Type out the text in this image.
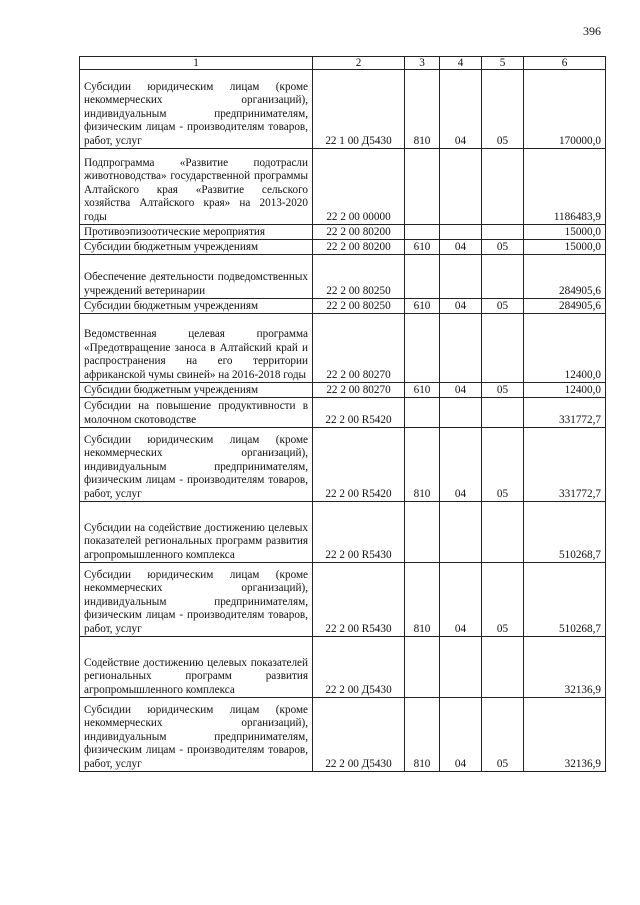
396
1	2	3	4	5	6
Субсидии юридическим лицам (кроме некоммерческих организаций), индивидуальным предпринимателям, физическим лицам - производителям товаров, работ, услуг	22 1 00 Д5430	810	04	05	170000,0
Подпрограмма «Развитие подотрасли животноводства» государственной программы Алтайского края «Развитие сельского хозяйства Алтайского края» на 2013-2020 годы	22 2 00 00000				1186483,9
Противоэпизоотические мероприятия	22 2 00 80200				15000,0
Субсидии бюджетным учреждениям	22 2 00 80200	610	04	05	15000,0
Обеспечение деятельности подведомственных учреждений ветеринарии	22 2 00 80250				284905,6
Субсидии бюджетным учреждениям	22 2 00 80250	610	04	05	284905,6
Ведомственная целевая программа «Предотвращение заноса в Алтайский край и распространения на его территории африканской чумы свиней» на 2016-2018 годы	22 2 00 80270				12400,0
Субсидии бюджетным учреждениям	22 2 00 80270	610	04	05	12400,0
Субсидии на повышение продуктивности в молочном скотоводстве	22 2 00 R5420				331772,7
Субсидии юридическим лицам (кроме некоммерческих организаций), индивидуальным предпринимателям, физическим лицам - производителям товаров, работ, услуг	22 2 00 R5420	810	04	05	331772,7
Субсидии на содействие достижению целевых показателей региональных программ развития агропромышленного комплекса	22 2 00 R5430				510268,7
Субсидии юридическим лицам (кроме некоммерческих организаций), индивидуальным предпринимателям, физическим лицам - производителям товаров, работ, услуг	22 2 00 R5430	810	04	05	510268,7
Содействие достижению целевых показателей региональных программ развития агропромышленного комплекса	22 2 00 Д5430				32136,9
Субсидии юридическим лицам (кроме некоммерческих организаций), индивидуальным предпринимателям, физическим лицам - производителям товаров, работ, услуг	22 2 00 Д5430	810	04	05	32136,9
